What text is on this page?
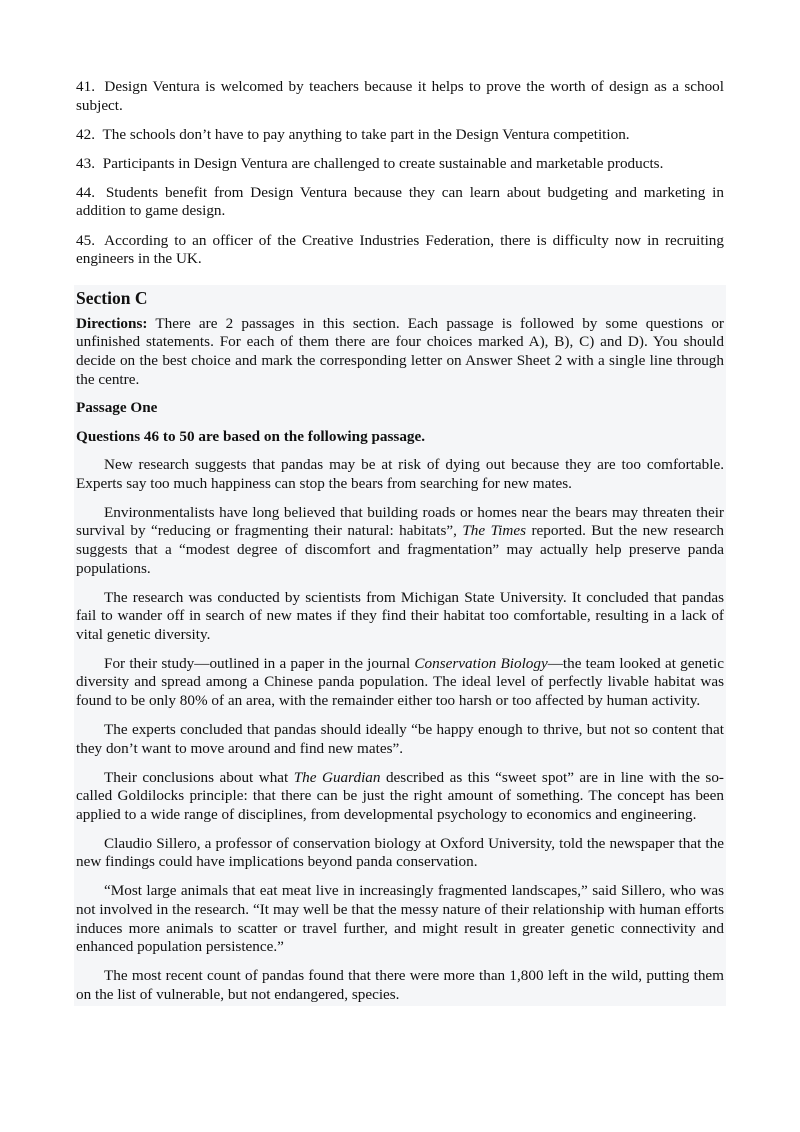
41. Design Ventura is welcomed by teachers because it helps to prove the worth of design as a school subject.

42. The schools don’t have to pay anything to take part in the Design Ventura competition.

43. Participants in Design Ventura are challenged to create sustainable and marketable products.

44. Students benefit from Design Ventura because they can learn about budgeting and marketing in addition to game design.

45. According to an officer of the Creative Industries Federation, there is difficulty now in recruiting engineers in the UK.

Section C

Directions: There are 2 passages in this section. Each passage is followed by some questions or unfinished statements. For each of them there are four choices marked A), B), C) and D). You should decide on the best choice and mark the corresponding letter on Answer Sheet 2 with a single line through the centre.

Passage One

Questions 46 to 50 are based on the following passage.

New research suggests that pandas may be at risk of dying out because they are too comfortable. Experts say too much happiness can stop the bears from searching for new mates.

Environmentalists have long believed that building roads or homes near the bears may threaten their survival by “reducing or fragmenting their natural: habitats”, The Times reported. But the new research suggests that a “modest degree of discomfort and fragmentation” may actually help preserve panda populations.

The research was conducted by scientists from Michigan State University. It concluded that pandas fail to wander off in search of new mates if they find their habitat too comfortable, resulting in a lack of vital genetic diversity.

For their study—outlined in a paper in the journal Conservation Biology—the team looked at genetic diversity and spread among a Chinese panda population. The ideal level of perfectly livable habitat was found to be only 80% of an area, with the remainder either too harsh or too affected by human activity.

The experts concluded that pandas should ideally “be happy enough to thrive, but not so content that they don’t want to move around and find new mates”.

Their conclusions about what The Guardian described as this “sweet spot” are in line with the so-called Goldilocks principle: that there can be just the right amount of something. The concept has been applied to a wide range of disciplines, from developmental psychology to economics and engineering.

Claudio Sillero, a professor of conservation biology at Oxford University, told the newspaper that the new findings could have implications beyond panda conservation.

“Most large animals that eat meat live in increasingly fragmented landscapes,” said Sillero, who was not involved in the research. “It may well be that the messy nature of their relationship with human efforts induces more animals to scatter or travel further, and might result in greater genetic connectivity and enhanced population persistence.”

The most recent count of pandas found that there were more than 1,800 left in the wild, putting them on the list of vulnerable, but not endangered, species.
